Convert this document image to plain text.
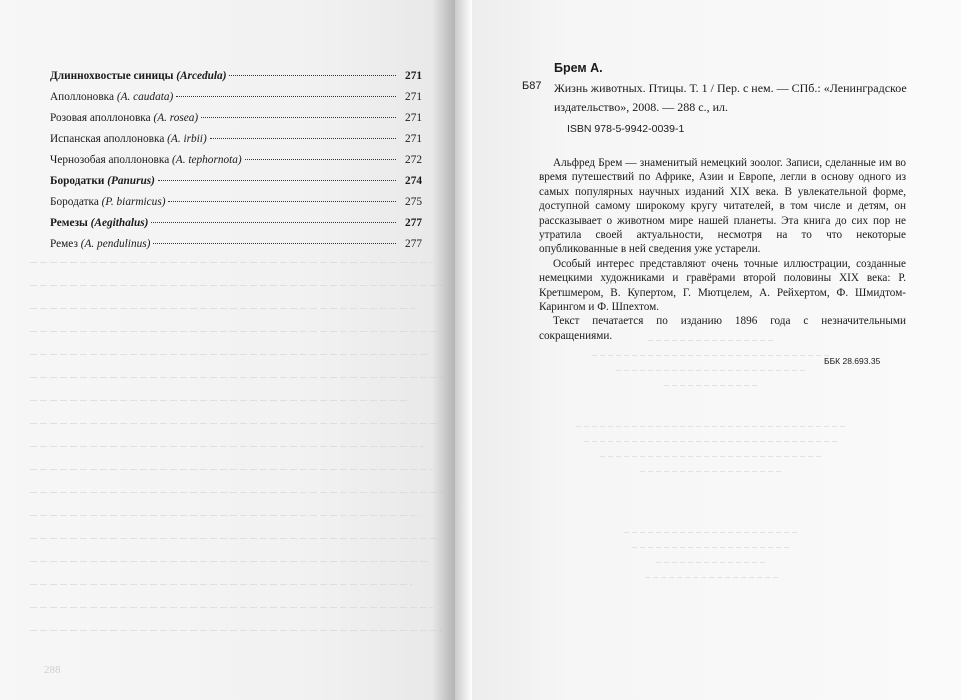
Длиннохвостые синицы (Arcedula)	271
Аполлоновка (A. caudata)	271
Розовая аполлоновка (A. rosea)	271
Испанская аполлоновка (A. irbii)	271
Чернозобая аполлоновка (A. tephornota)	272
Бородатки (Panurus)	274
Бородатка (P. biarmicus)	275
Ремезы (Aegithalus)	277
Ремез (A. pendulinus)	277
288
Брем А.
Б87 Жизнь животных. Птицы. Т. 1 / Пер. с нем. — СПб.: «Ленинградское издательство», 2008. — 288 с., ил.
ISBN 978-5-9942-0039-1

Альфред Брем — знаменитый немецкий зоолог. Записи, сделанные им во время путешествий по Африке, Азии и Европе, легли в основу одного из самых популярных научных изданий XIX века. В увлекательной форме, доступной самому широкому кругу читателей, в том числе и детям, он рассказывает о животном мире нашей планеты. Эта книга до сих пор не утратила своей актуальности, несмотря на то что некоторые опубликованные в ней сведения уже устарели.

Особый интерес представляют очень точные иллюстрации, созданные немецкими художниками и гравёрами второй половины XIX века: Р. Кретшмером, В. Купертом, Г. Мютцелем, А. Рейхертом, Ф. Шмидтом-Карингом и Ф. Шпехтом.

Текст печатается по изданию 1896 года с незначительными сокращениями.

ББК 28.693.35
